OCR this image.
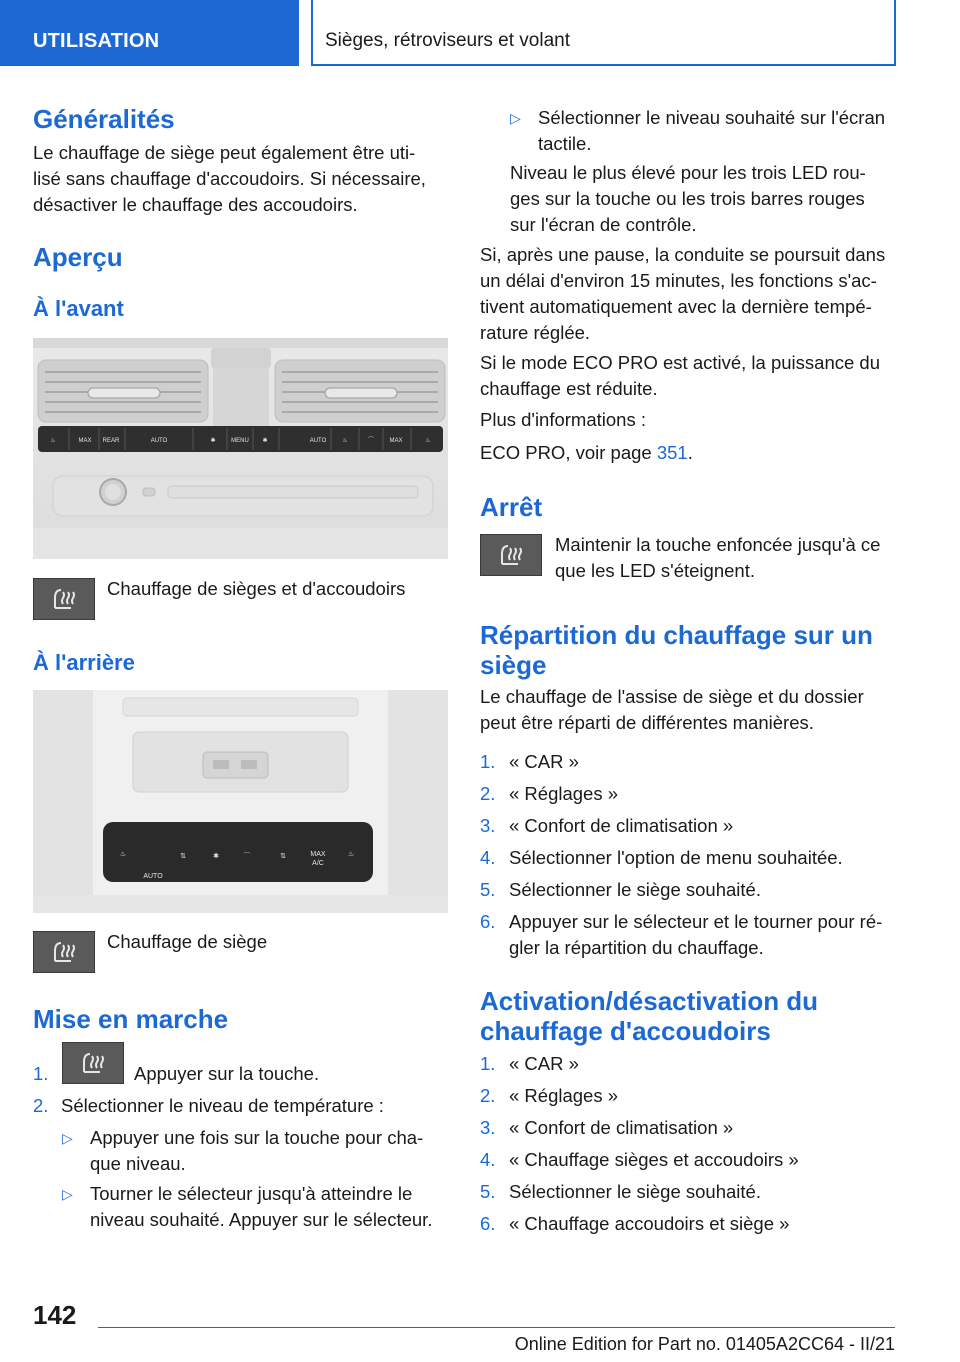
UTILISATION	Sièges, rétroviseurs et volant
Généralités
Le chauffage de siège peut également être uti-
lisé sans chauffage d'accoudoirs. Si nécessaire,
désactiver le chauffage des accoudoirs.
Aperçu
À l'avant
♨	MAX REAR	AUTO	✱	MENU ✱	AUTO	♨	⌒	MAX	♨
Chauffage de sièges et d'accoudoirs
À l'arrière
♨
AUTO
⇅	✱	⌒	⇅	MAX
A/C
♨
Chauffage de siège
Mise en marche
1.	Appuyer sur la touche.
2. Sélectionner le niveau de température :
▷ Appuyer une fois sur la touche pour cha-
que niveau.
▷ Tourner le sélecteur jusqu'à atteindre le
niveau souhaité. Appuyer sur le sélecteur.
▷ Sélectionner le niveau souhaité sur l'écran
tactile.
Niveau le plus élevé pour les trois LED rou-
ges sur la touche ou les trois barres rouges
sur l'écran de contrôle.
Si, après une pause, la conduite se poursuit dans
un délai d'environ 15 minutes, les fonctions s'ac-
tivent automatiquement avec la dernière tempé-
rature réglée.
Si le mode ECO PRO est activé, la puissance du
chauffage est réduite.
Plus d'informations :
ECO PRO, voir page 351.
Arrêt
Maintenir la touche enfoncée jusqu'à ce
que les LED s'éteignent.
Répartition du chauffage sur un
siège
Le chauffage de l'assise de siège et du dossier
peut être réparti de différentes manières.
1. « CAR »
2. « Réglages »
3. « Confort de climatisation »
4. Sélectionner l'option de menu souhaitée.
5. Sélectionner le siège souhaité.
6. Appuyer sur le sélecteur et le tourner pour ré-
gler la répartition du chauffage.
Activation/désactivation du
chauffage d'accoudoirs
1. « CAR »
2. « Réglages »
3. « Confort de climatisation »
4. « Chauffage sièges et accoudoirs »
5. Sélectionner le siège souhaité.
6. « Chauffage accoudoirs et siège »
142
Online Edition for Part no. 01405A2CC64 - II/21
